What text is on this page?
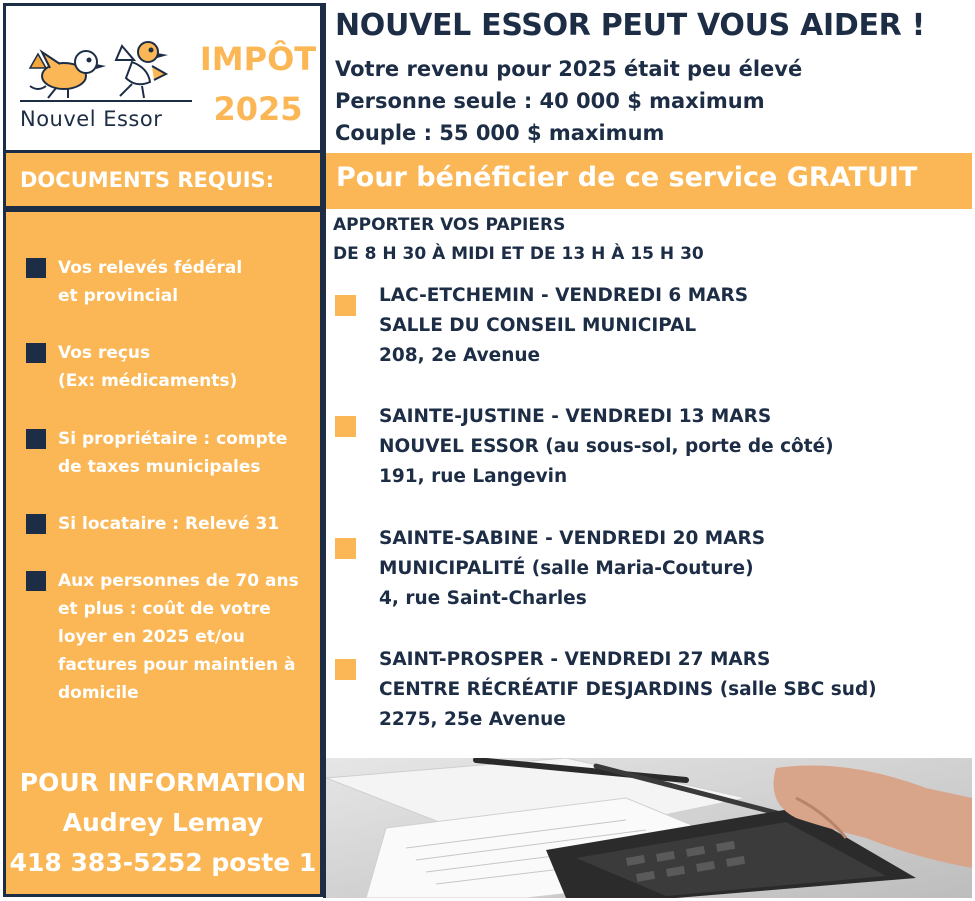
Nouvel Essor
IMPÔT
2025
NOUVEL ESSOR PEUT VOUS AIDER !
Votre revenu pour 2025 était peu élevé
Personne seule : 40 000 $ maximum
Couple : 55 000 $ maximum
DOCUMENTS REQUIS: Pour bénéficier de ce service GRATUIT
Vos relevés fédéral
et provincial
Vos reçus
(Ex: médicaments)
Si propriétaire : compte
de taxes municipales
Si locataire : Relevé 31
Aux personnes de 70 ans
et plus : coût de votre
loyer en 2025 et/ou
factures pour maintien à
domicile
POUR INFORMATION
Audrey Lemay
418 383-5252 poste 1
APPORTER VOS PAPIERS
DE 8 H 30 À MIDI ET DE 13 H À 15 H 30
LAC-ETCHEMIN - VENDREDI 6 MARS
SALLE DU CONSEIL MUNICIPAL
208, 2e Avenue
SAINTE-JUSTINE - VENDREDI 13 MARS
NOUVEL ESSOR (au sous-sol, porte de côté)
191, rue Langevin
SAINTE-SABINE - VENDREDI 20 MARS
MUNICIPALITÉ (salle Maria-Couture)
4, rue Saint-Charles
SAINT-PROSPER - VENDREDI 27 MARS
CENTRE RÉCRÉATIF DESJARDINS (salle SBC sud)
2275, 25e Avenue
